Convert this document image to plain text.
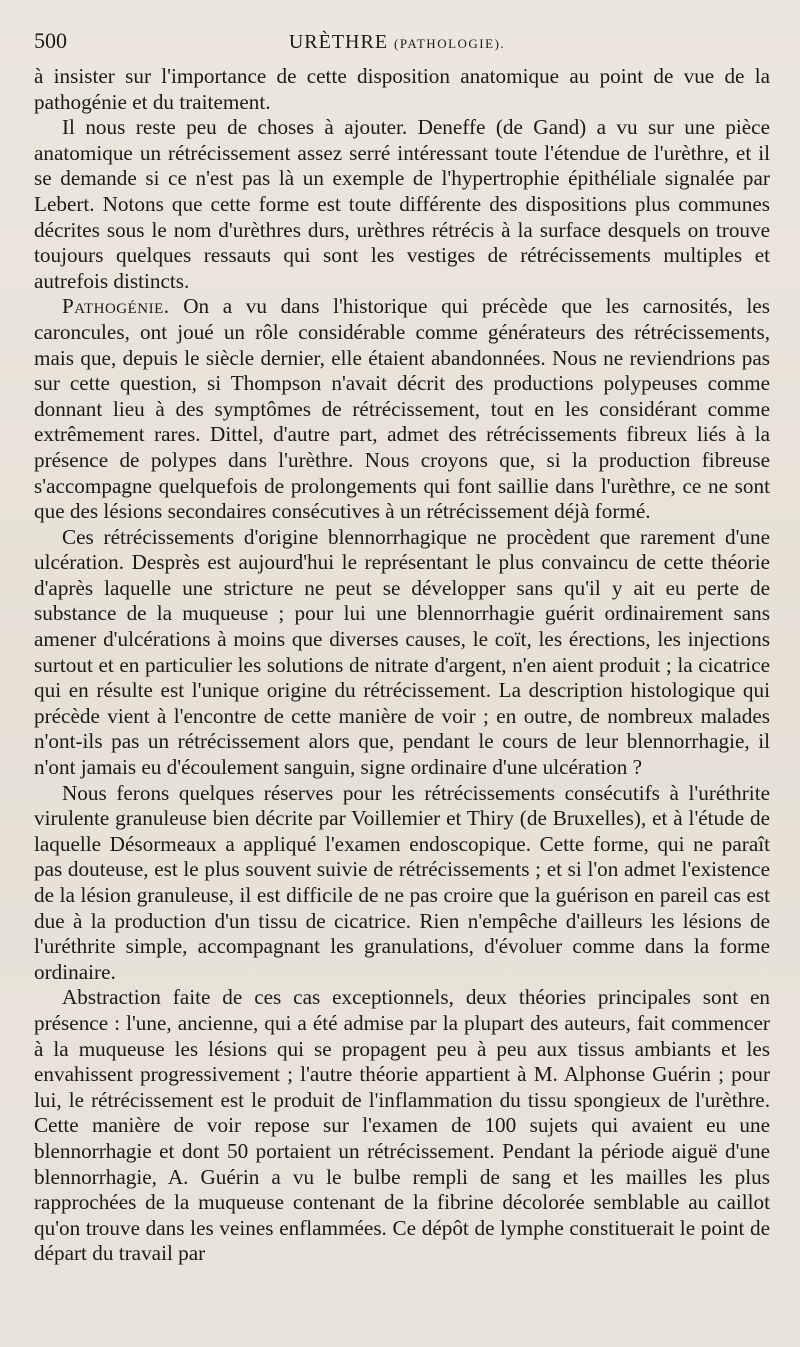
500	URÈTHRE (PATHOLOGIE).

à insister sur l'importance de cette disposition anatomique au point de vue de la pathogénie et du traitement.

Il nous reste peu de choses à ajouter. Deneffe (de Gand) a vu sur une pièce anatomique un rétrécissement assez serré intéressant toute l'étendue de l'urèthre, et il se demande si ce n'est pas là un exemple de l'hypertrophie épithéliale signalée par Lebert. Notons que cette forme est toute différente des dispositions plus communes décrites sous le nom d'urèthres durs, urèthres rétrécis à la surface desquels on trouve toujours quelques ressauts qui sont les vestiges de rétrécissements multiples et autrefois distincts.

Pathogénie. On a vu dans l'historique qui précède que les carnosités, les caroncules, ont joué un rôle considérable comme générateurs des rétrécissements, mais que, depuis le siècle dernier, elle étaient abandonnées. Nous ne reviendrions pas sur cette question, si Thompson n'avait décrit des productions polypeuses comme donnant lieu à des symptômes de rétrécissement, tout en les considérant comme extrêmement rares. Dittel, d'autre part, admet des rétrécissements fibreux liés à la présence de polypes dans l'urèthre. Nous croyons que, si la production fibreuse s'accompagne quelquefois de prolongements qui font saillie dans l'urèthre, ce ne sont que des lésions secondaires consécutives à un rétrécissement déjà formé.

Ces rétrécissements d'origine blennorrhagique ne procèdent que rarement d'une ulcération. Desprès est aujourd'hui le représentant le plus convaincu de cette théorie d'après laquelle une stricture ne peut se développer sans qu'il y ait eu perte de substance de la muqueuse ; pour lui une blennorrhagie guérit ordinairement sans amener d'ulcérations à moins que diverses causes, le coït, les érections, les injections surtout et en particulier les solutions de nitrate d'argent, n'en aient produit ; la cicatrice qui en résulte est l'unique origine du rétrécissement. La description histologique qui précède vient à l'encontre de cette manière de voir ; en outre, de nombreux malades n'ont-ils pas un rétrécissement alors que, pendant le cours de leur blennorrhagie, il n'ont jamais eu d'écoulement sanguin, signe ordinaire d'une ulcération ?

Nous ferons quelques réserves pour les rétrécissements consécutifs à l'uréthrite virulente granuleuse bien décrite par Voillemier et Thiry (de Bruxelles), et à l'étude de laquelle Désormeaux a appliqué l'examen endoscopique. Cette forme, qui ne paraît pas douteuse, est le plus souvent suivie de rétrécissements ; et si l'on admet l'existence de la lésion granuleuse, il est difficile de ne pas croire que la guérison en pareil cas est due à la production d'un tissu de cicatrice. Rien n'empêche d'ailleurs les lésions de l'uréthrite simple, accompagnant les granulations, d'évoluer comme dans la forme ordinaire.

Abstraction faite de ces cas exceptionnels, deux théories principales sont en présence : l'une, ancienne, qui a été admise par la plupart des auteurs, fait commencer à la muqueuse les lésions qui se propagent peu à peu aux tissus ambiants et les envahissent progressivement ; l'autre théorie appartient à M. Alphonse Guérin ; pour lui, le rétrécissement est le produit de l'inflammation du tissu spongieux de l'urèthre. Cette manière de voir repose sur l'examen de 100 sujets qui avaient eu une blennorrhagie et dont 50 portaient un rétrécissement. Pendant la période aiguë d'une blennorrhagie, A. Guérin a vu le bulbe rempli de sang et les mailles les plus rapprochées de la muqueuse contenant de la fibrine décolorée semblable au caillot qu'on trouve dans les veines enflammées. Ce dépôt de lymphe constituerait le point de départ du travail par
